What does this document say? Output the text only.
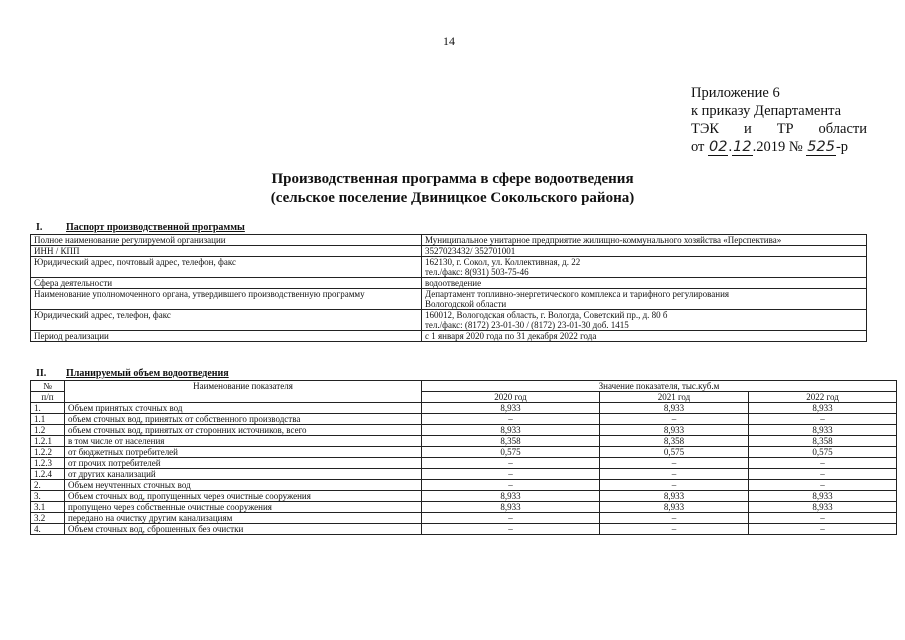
14
Приложение 6
к приказу Департамента
ТЭК и ТР области
от 02.12.2019 № 525-р
Производственная программа в сфере водоотведения
(сельское поселение Двиницкое Сокольского района)
I. Паспорт производственной программы
Полное наименование регулируемой организации	Муниципальное унитарное предприятие жилищно-коммунального хозяйства «Перспектива»

ИНН / КПП	3527023432/ 352701001

Юридический адрес, почтовый адрес, телефон, факс	162130, г. Сокол, ул. Коллективная, д. 22
тел./факс: 8(931) 503-75-46

Сфера деятельности	водоотведение

Наименование уполномоченного органа, утвердившего производственную программу	Департамент топливно-энергетического комплекса и тарифного регулирования
Вологодской области

Юридический адрес, телефон, факс	160012, Вологодская область, г. Вологда, Советский пр., д. 80 б
тел./факс: (8172) 23-01-30 / (8172) 23-01-30 доб. 1415

Период реализации	с 1 января 2020 года по 31 декабря 2022 года
II. Планируемый объем водоотведения
№	Наименование показателя	Значение показателя, тыс.куб.м		
п/п		2020 год	2021 год	2022 год
1.	Объем принятых сточных вод	8,933	8,933	8,933
1.1	объем сточных вод, принятых от собственного производства	–	–	–
1.2	объем сточных вод, принятых от сторонних источников, всего	8,933	8,933	8,933
1.2.1	в том числе от населения	8,358	8,358	8,358
1.2.2	от бюджетных потребителей	0,575	0,575	0,575
1.2.3	от прочих потребителей	–	–	–
1.2.4	от других канализаций	–	–	–
2.	Объем неучтенных сточных вод	–	–	–
3.	Объем сточных вод, пропущенных через очистные сооружения	8,933	8,933	8,933
3.1	пропущено через собственные очистные сооружения	8,933	8,933	8,933
3.2	передано на очистку другим канализациям	–	–	–
4.	Объем сточных вод, сброшенных без очистки	–	–	–
